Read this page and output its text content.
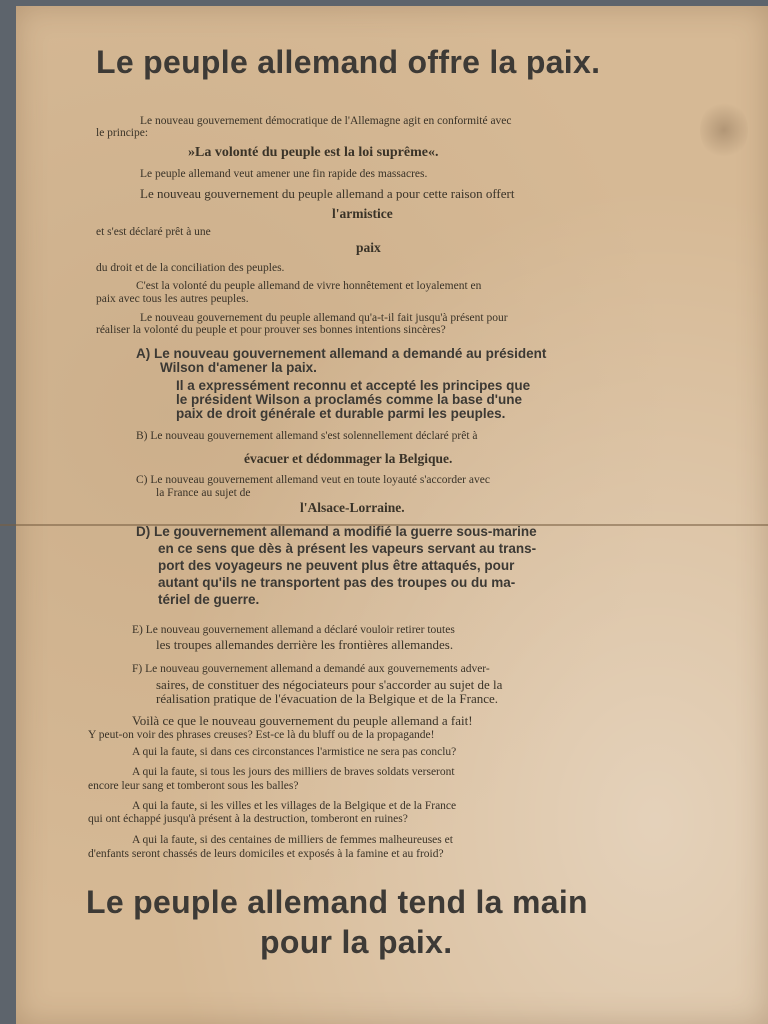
Le peuple allemand offre la paix.
Le nouveau gouvernement démocratique de l'Allemagne agit en conformité avec
le principe:
»La volonté du peuple est la loi suprême«.
Le peuple allemand veut amener une fin rapide des massacres.
Le nouveau gouvernement du peuple allemand a pour cette raison offert
l'armistice
et s'est déclaré prêt à une
paix
du droit et de la conciliation des peuples.
C'est la volonté du peuple allemand de vivre honnêtement et loyalement en
paix avec tous les autres peuples.
Le nouveau gouvernement du peuple allemand qu'a-t-il fait jusqu'à présent pour
réaliser la volonté du peuple et pour prouver ses bonnes intentions sincères?
A) Le nouveau gouvernement allemand a demandé au président
Wilson d'amener la paix.
Il a expressément reconnu et accepté les principes que
le président Wilson a proclamés comme la base d'une
paix de droit générale et durable parmi les peuples.
B) Le nouveau gouvernement allemand s'est solennellement déclaré prêt à
évacuer et dédommager la Belgique.
C) Le nouveau gouvernement allemand veut en toute loyauté s'accorder avec
la France au sujet de
l'Alsace-Lorraine.
D) Le gouvernement allemand a modifié la guerre sous-marine
en ce sens que dès à présent les vapeurs servant au trans-
port des voyageurs ne peuvent plus être attaqués, pour
autant qu'ils ne transportent pas des troupes ou du ma-
tériel de guerre.
E) Le nouveau gouvernement allemand a déclaré vouloir retirer toutes
les troupes allemandes derrière les frontières allemandes.
F) Le nouveau gouvernement allemand a demandé aux gouvernements adver-
saires, de constituer des négociateurs pour s'accorder au sujet de la
réalisation pratique de l'évacuation de la Belgique et de la France.
Voilà ce que le nouveau gouvernement du peuple allemand a fait!
Y peut-on voir des phrases creuses? Est-ce là du bluff ou de la propagande!
A qui la faute, si dans ces circonstances l'armistice ne sera pas conclu?
A qui la faute, si tous les jours des milliers de braves soldats verseront
encore leur sang et tomberont sous les balles?
A qui la faute, si les villes et les villages de la Belgique et de la France
qui ont échappé jusqu'à présent à la destruction, tomberont en ruines?
A qui la faute, si des centaines de milliers de femmes malheureuses et
d'enfants seront chassés de leurs domiciles et exposés à la famine et au froid?
Le peuple allemand tend la main
pour la paix.
